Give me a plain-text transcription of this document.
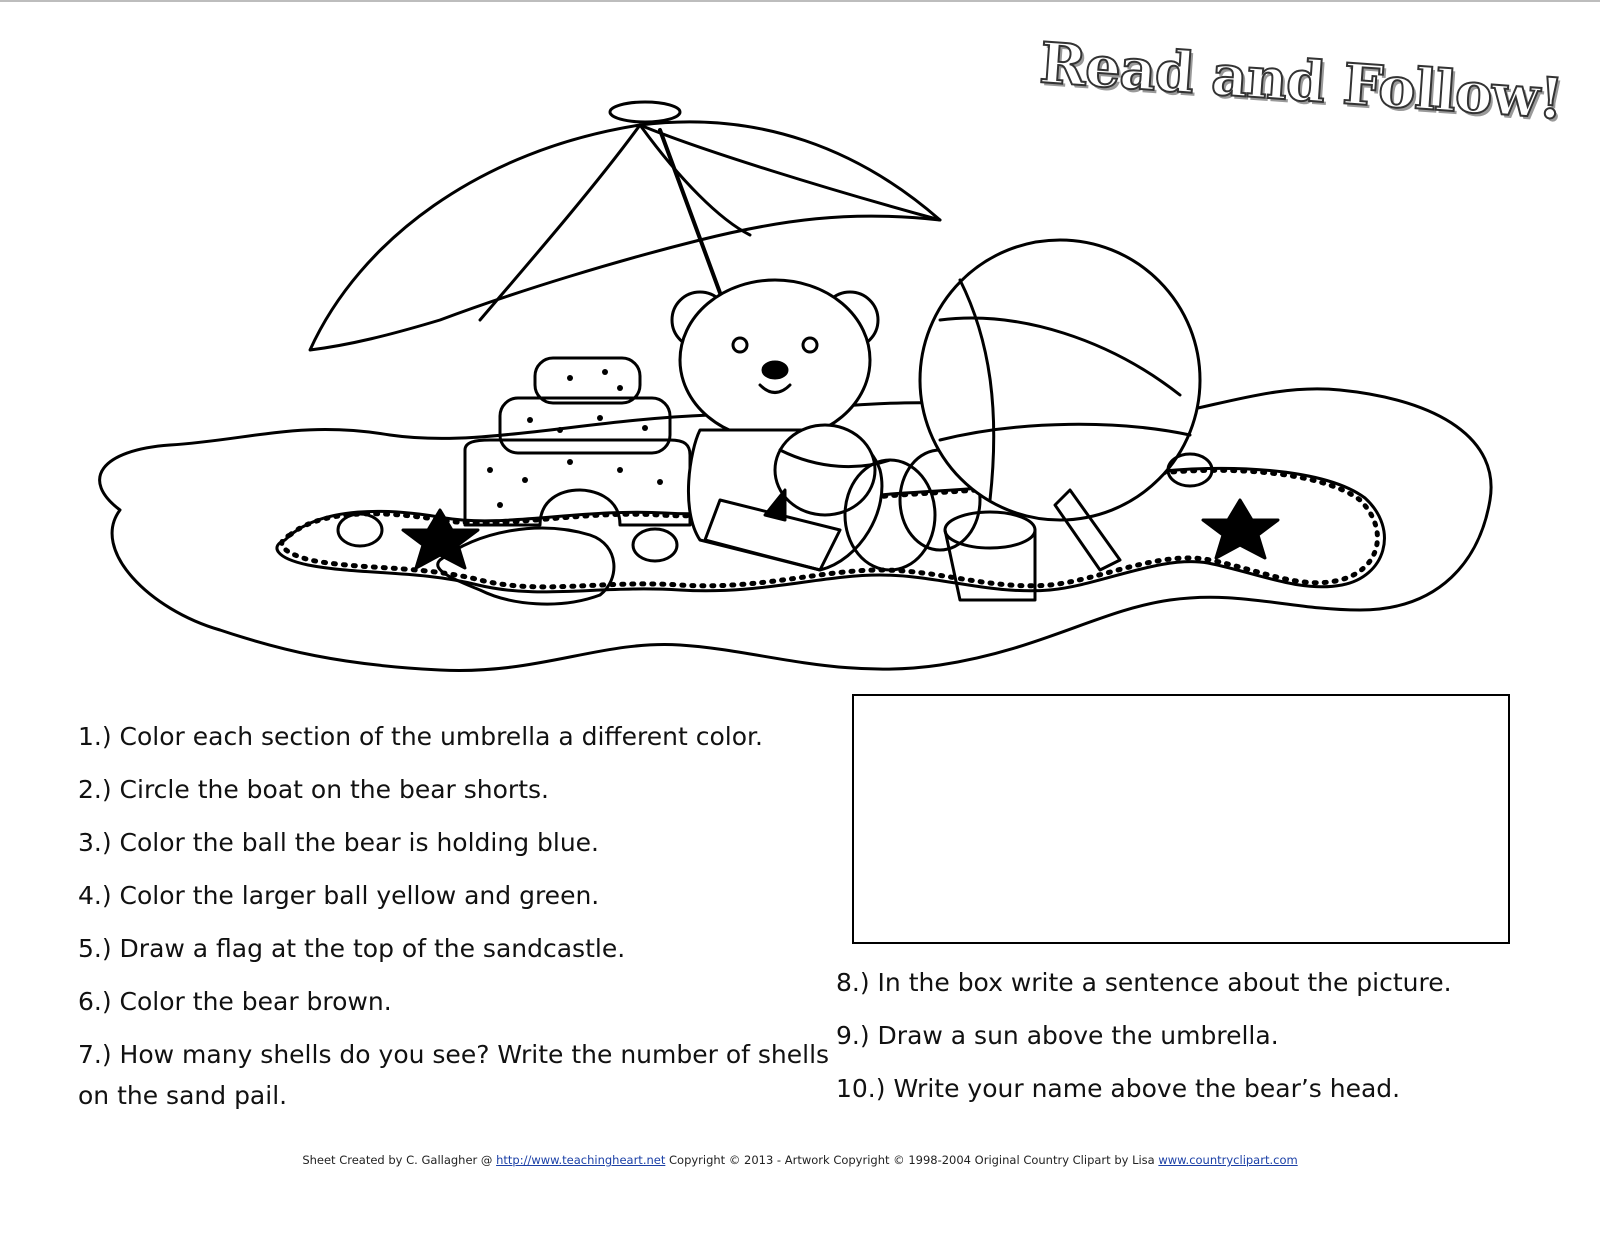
Read and Follow!
1.) Color each section of the umbrella a different color.
2.) Circle the boat on the bear shorts.
3.) Color the ball the bear is holding blue.
4.) Color the larger ball yellow and green.
5.) Draw a flag at the top of the sandcastle.
6.) Color the bear brown.
7.) How many shells do you see? Write the number of shells on the sand pail.
8.) In the box write a sentence about the picture.
9.) Draw a sun above the umbrella.
10.) Write your name above the bear’s head.
Sheet Created by C. Gallagher @ http://www.teachingheart.net Copyright © 2013 - Artwork Copyright © 1998-2004 Original Country Clipart by Lisa www.countryclipart.com
